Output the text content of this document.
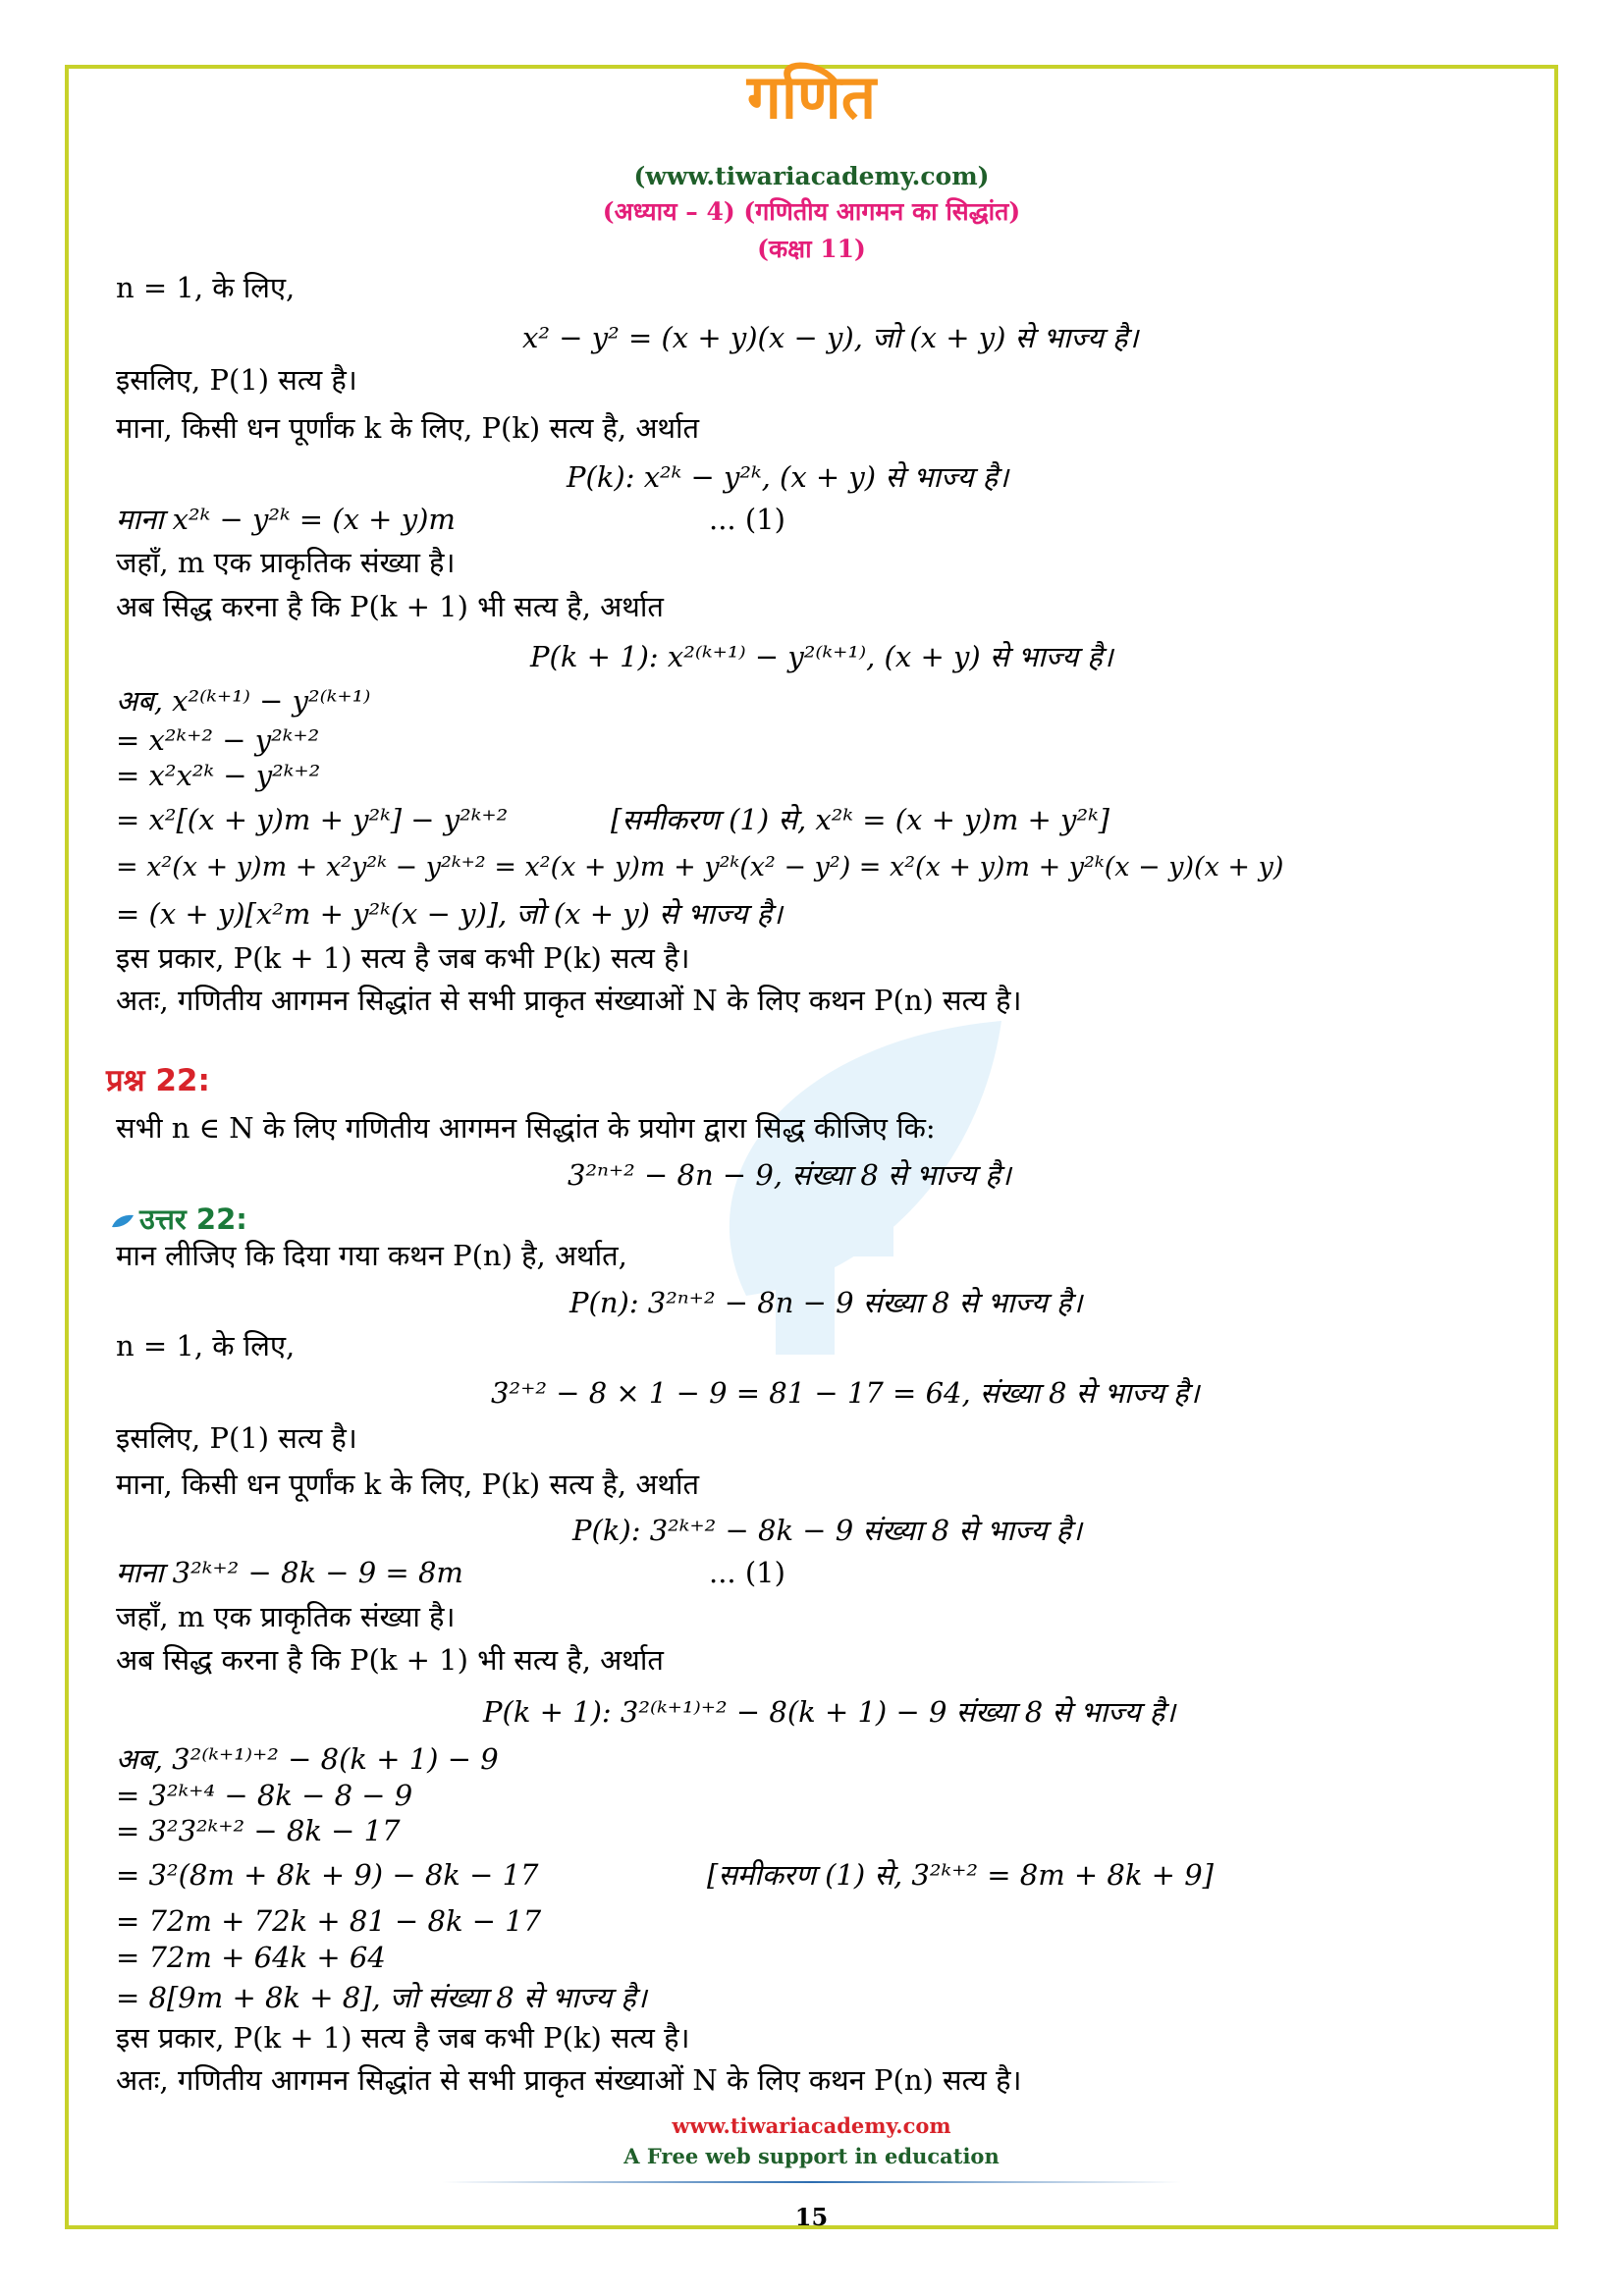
गणित
(www.tiwariacademy.com)
(अध्याय – 4) (गणितीय आगमन का सिद्धांत)
(कक्षा 11)
n = 1, के लिए,
x² − y² = (x + y)(x − y), जो (x + y) से भाज्य है।
इसलिए, P(1) सत्य है।
माना, किसी धन पूर्णांक k के लिए, P(k) सत्य है, अर्थात
P(k): x²ᵏ − y²ᵏ, (x + y) से भाज्य है।
माना x²ᵏ − y²ᵏ = (x + y)m	... (1)
जहाँ, m एक प्राकृतिक संख्या है।
अब सिद्ध करना है कि P(k + 1) भी सत्य है, अर्थात
P(k + 1): x²⁽ᵏ⁺¹⁾ − y²⁽ᵏ⁺¹⁾, (x + y) से भाज्य है।
अब, x²⁽ᵏ⁺¹⁾ − y²⁽ᵏ⁺¹⁾
= x²ᵏ⁺² − y²ᵏ⁺²
= x²x²ᵏ − y²ᵏ⁺²
= x²[(x + y)m + y²ᵏ] − y²ᵏ⁺²	[समीकरण (1) से, x²ᵏ = (x + y)m + y²ᵏ]
= x²(x + y)m + x²y²ᵏ − y²ᵏ⁺² = x²(x + y)m + y²ᵏ(x² − y²) = x²(x + y)m + y²ᵏ(x − y)(x + y)
= (x + y)[x²m + y²ᵏ(x − y)], जो (x + y) से भाज्य है।
इस प्रकार, P(k + 1) सत्य है जब कभी P(k) सत्य है।
अतः, गणितीय आगमन सिद्धांत से सभी प्राकृत संख्याओं N के लिए कथन P(n) सत्य है।
प्रश्न 22:
सभी n ∈ N के लिए गणितीय आगमन सिद्धांत के प्रयोग द्वारा सिद्ध कीजिए कि:
3²ⁿ⁺² − 8n − 9, संख्या 8 से भाज्य है।
उत्तर 22:
मान लीजिए कि दिया गया कथन P(n) है, अर्थात,
P(n): 3²ⁿ⁺² − 8n − 9 संख्या 8 से भाज्य है।
n = 1, के लिए,
3²⁺² − 8 × 1 − 9 = 81 − 17 = 64, संख्या 8 से भाज्य है।
इसलिए, P(1) सत्य है।
माना, किसी धन पूर्णांक k के लिए, P(k) सत्य है, अर्थात
P(k): 3²ᵏ⁺² − 8k − 9 संख्या 8 से भाज्य है।
माना 3²ᵏ⁺² − 8k − 9 = 8m	... (1)
जहाँ, m एक प्राकृतिक संख्या है।
अब सिद्ध करना है कि P(k + 1) भी सत्य है, अर्थात
P(k + 1): 3²⁽ᵏ⁺¹⁾⁺² − 8(k + 1) − 9 संख्या 8 से भाज्य है।
अब, 3²⁽ᵏ⁺¹⁾⁺² − 8(k + 1) − 9
= 3²ᵏ⁺⁴ − 8k − 8 − 9
= 3²3²ᵏ⁺² − 8k − 17
= 3²(8m + 8k + 9) − 8k − 17	[समीकरण (1) से, 3²ᵏ⁺² = 8m + 8k + 9]
= 72m + 72k + 81 − 8k − 17
= 72m + 64k + 64
= 8[9m + 8k + 8], जो संख्या 8 से भाज्य है।
इस प्रकार, P(k + 1) सत्य है जब कभी P(k) सत्य है।
अतः, गणितीय आगमन सिद्धांत से सभी प्राकृत संख्याओं N के लिए कथन P(n) सत्य है।
www.tiwariacademy.com
A Free web support in education
15
